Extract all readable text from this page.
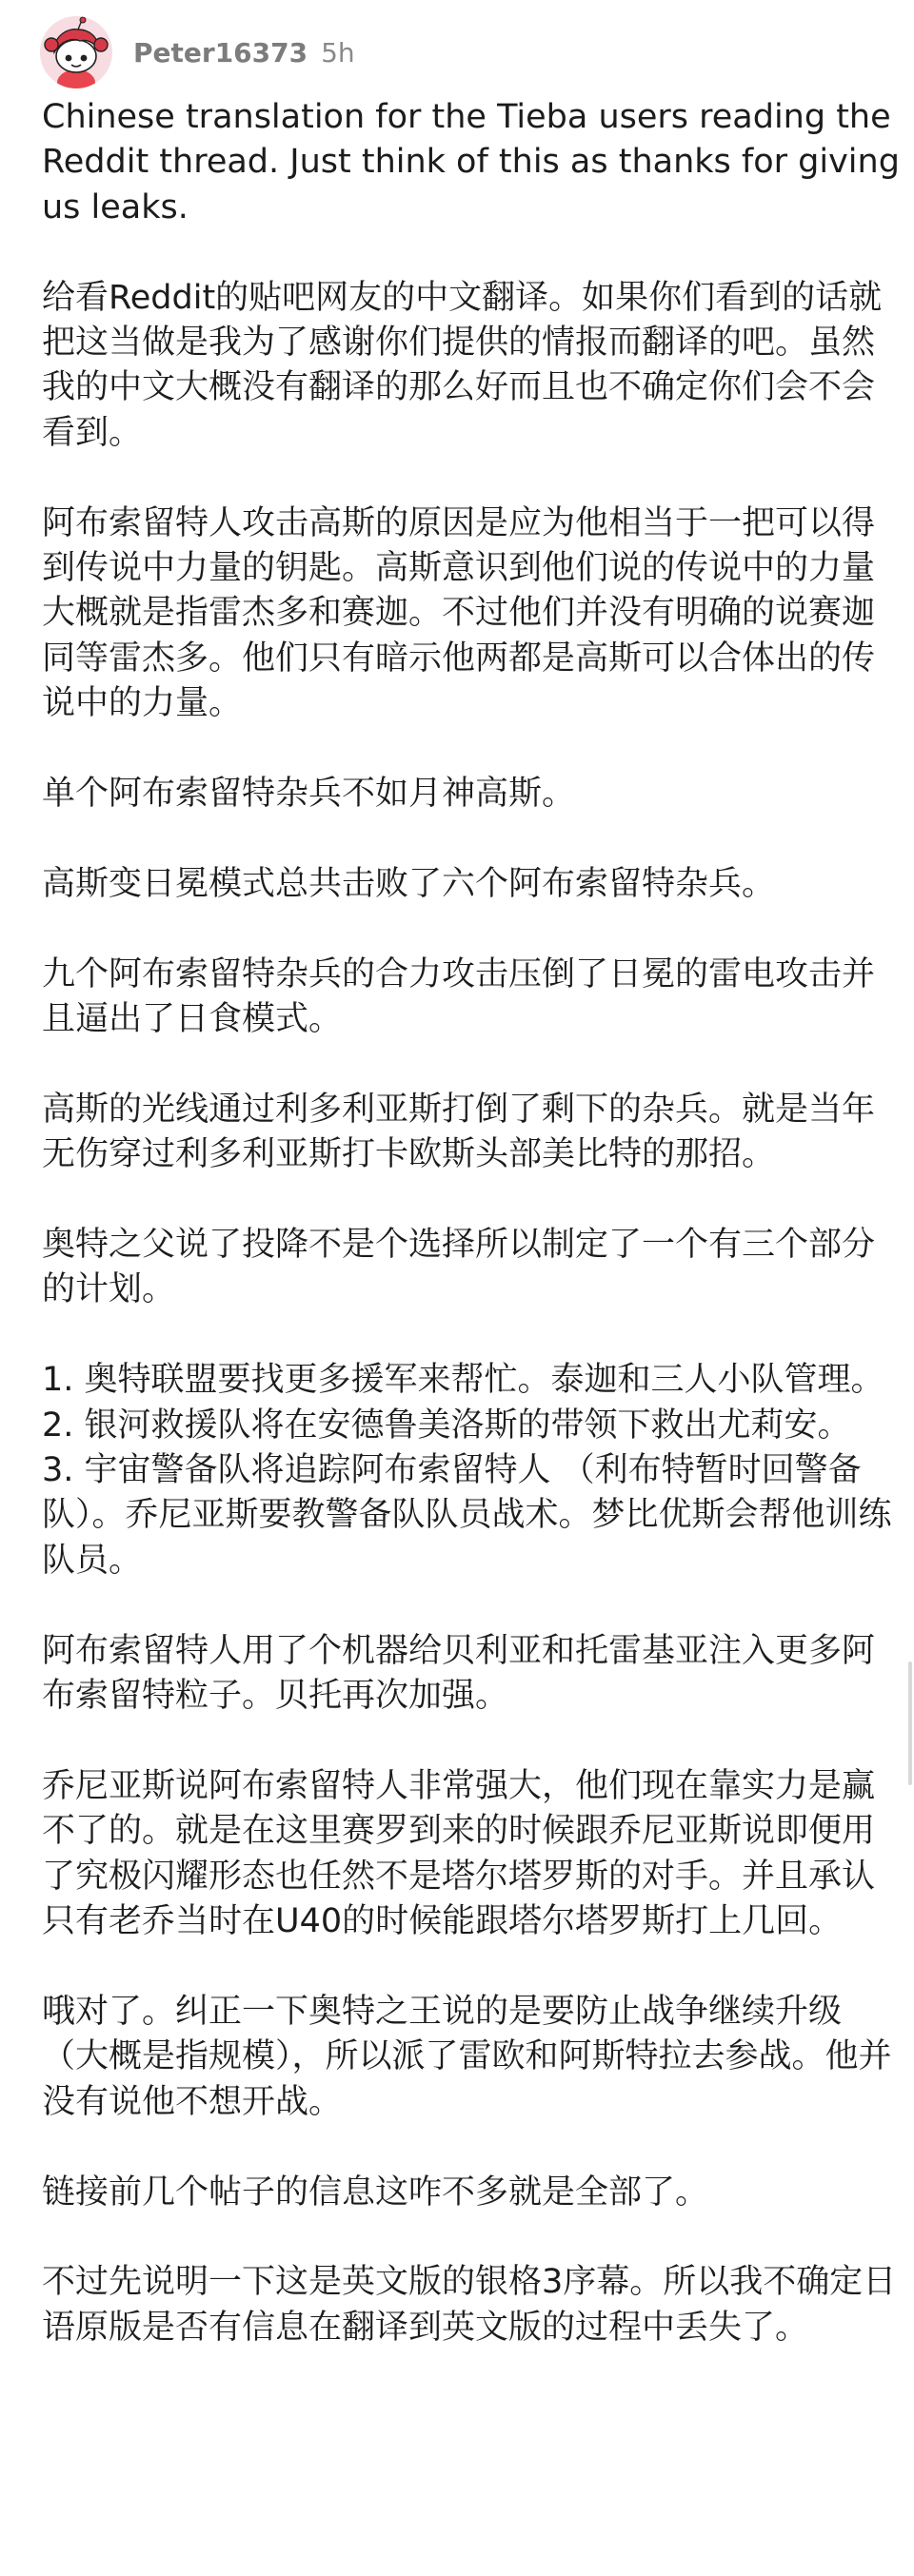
Peter16373 5h

Chinese translation for the Tieba users reading the Reddit thread. Just think of this as thanks for giving us leaks.

给看Reddit的贴吧网友的中文翻译。如果你们看到的话就把这当做是我为了感谢你们提供的情报而翻译的吧。虽然我的中文大概没有翻译的那么好而且也不确定你们会不会看到。

阿布索留特人攻击高斯的原因是应为他相当于一把可以得到传说中力量的钥匙。高斯意识到他们说的传说中的力量大概就是指雷杰多和赛迦。不过他们并没有明确的说赛迦同等雷杰多。他们只有暗示他两都是高斯可以合体出的传说中的力量。

单个阿布索留特杂兵不如月神高斯。

高斯变日冕模式总共击败了六个阿布索留特杂兵。

九个阿布索留特杂兵的合力攻击压倒了日冕的雷电攻击并且逼出了日食模式。

高斯的光线通过利多利亚斯打倒了剩下的杂兵。就是当年无伤穿过利多利亚斯打卡欧斯头部美比特的那招。

奥特之父说了投降不是个选择所以制定了一个有三个部分的计划。

1. 奥特联盟要找更多援军来帮忙。泰迦和三人小队管理。

2. 银河救援队将在安德鲁美洛斯的带领下救出尤莉安。

3. 宇宙警备队将追踪阿布索留特人 （利布特暂时回警备队）。乔尼亚斯要教警备队队员战术。梦比优斯会帮他训练队员。

阿布索留特人用了个机器给贝利亚和托雷基亚注入更多阿布索留特粒子。贝托再次加强。

乔尼亚斯说阿布索留特人非常强大，他们现在靠实力是赢不了的。就是在这里赛罗到来的时候跟乔尼亚斯说即便用了究极闪耀形态也任然不是塔尔塔罗斯的对手。并且承认只有老乔当时在U40的时候能跟塔尔塔罗斯打上几回。

哦对了。纠正一下奥特之王说的是要防止战争继续升级（大概是指规模），所以派了雷欧和阿斯特拉去参战。他并没有说他不想开战。

链接前几个帖子的信息这咋不多就是全部了。

不过先说明一下这是英文版的银格3序幕。所以我不确定日语原版是否有信息在翻译到英文版的过程中丢失了。
